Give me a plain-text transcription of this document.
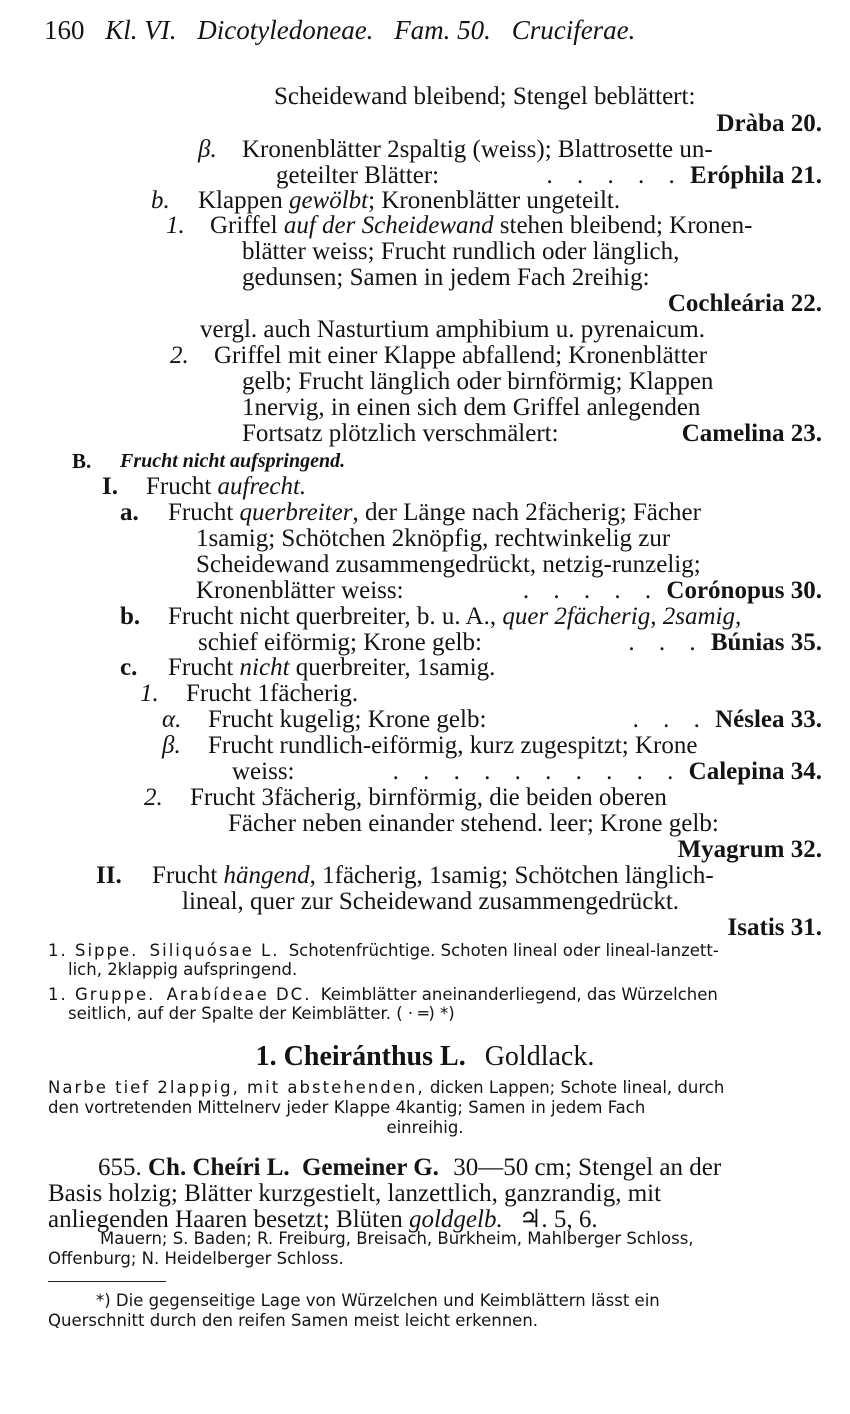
160 Kl. VI. Dicotyledoneae. Fam. 50. Cruciferae.
Scheidewand bleibend; Stengel beblättert:
Dràba 20.
β. Kronenblätter 2spaltig (weiss); Blattrosette un-
geteilter Blätter:	. . . . . Eróphila 21.
b. Klappen gewölbt; Kronenblätter ungeteilt.
1. Griffel auf der Scheidewand stehen bleibend; Kronen-
blätter weiss; Frucht rundlich oder länglich,
gedunsen; Samen in jedem Fach 2reihig:
Cochleária 22.
vergl. auch Nasturtium amphibium u. pyrenaicum.
2. Griffel mit einer Klappe abfallend; Kronenblätter
gelb; Frucht länglich oder birnförmig; Klappen
1nervig, in einen sich dem Griffel anlegenden
Fortsatz plötzlich verschmälert:	Camelina 23.
B. Frucht nicht aufspringend.
I. Frucht aufrecht.
a. Frucht querbreiter, der Länge nach 2fächerig; Fächer
1samig; Schötchen 2knöpfig, rechtwinkelig zur
Scheidewand zusammengedrückt, netzig-runzelig;
Kronenblätter weiss:	. . . . . Corónopus 30.
b. Frucht nicht querbreiter, b. u. A., quer 2fächerig, 2samig,
schief eiförmig; Krone gelb:	. . . Búnias 35.
c. Frucht nicht querbreiter, 1samig.
1. Frucht 1fächerig.
α. Frucht kugelig; Krone gelb:	. . . Néslea 33.
β. Frucht rundlich-eiförmig, kurz zugespitzt; Krone
weiss:	. . . . . . . . . . Calepina 34.
2. Frucht 3fächerig, birnförmig, die beiden oberen
Fächer neben einander stehend. leer; Krone gelb:
Myagrum 32.
II. Frucht hängend, 1fächerig, 1samig; Schötchen länglich-
lineal, quer zur Scheidewand zusammengedrückt.
Isatis 31.
1. Sippe. Siliquósae L. Schotenfrüchtige. Schoten lineal oder lineal-lanzett-
lich, 2klappig aufspringend.
1. Gruppe. Arabídeae DC. Keimblätter aneinanderliegend, das Würzelchen
seitlich, auf der Spalte der Keimblätter. ( · ═) *)
1. Cheiránthus L. Goldlack.
Narbe tief 2lappig, mit abstehenden, dicken Lappen; Schote lineal, durch
den vortretenden Mittelnerv jeder Klappe 4kantig; Samen in jedem Fach
einreihig.
655. Ch. Cheíri L. Gemeiner G. 30—50 cm; Stengel an der
Basis holzig; Blätter kurzgestielt, lanzettlich, ganzrandig, mit
anliegenden Haaren besetzt; Blüten goldgelb. ♃. 5, 6.
Mauern; S. Baden; R. Freiburg, Breisach, Burkheim, Mahlberger Schloss,
Offenburg; N. Heidelberger Schloss.
*) Die gegenseitige Lage von Würzelchen und Keimblättern lässt ein
Querschnitt durch den reifen Samen meist leicht erkennen.
